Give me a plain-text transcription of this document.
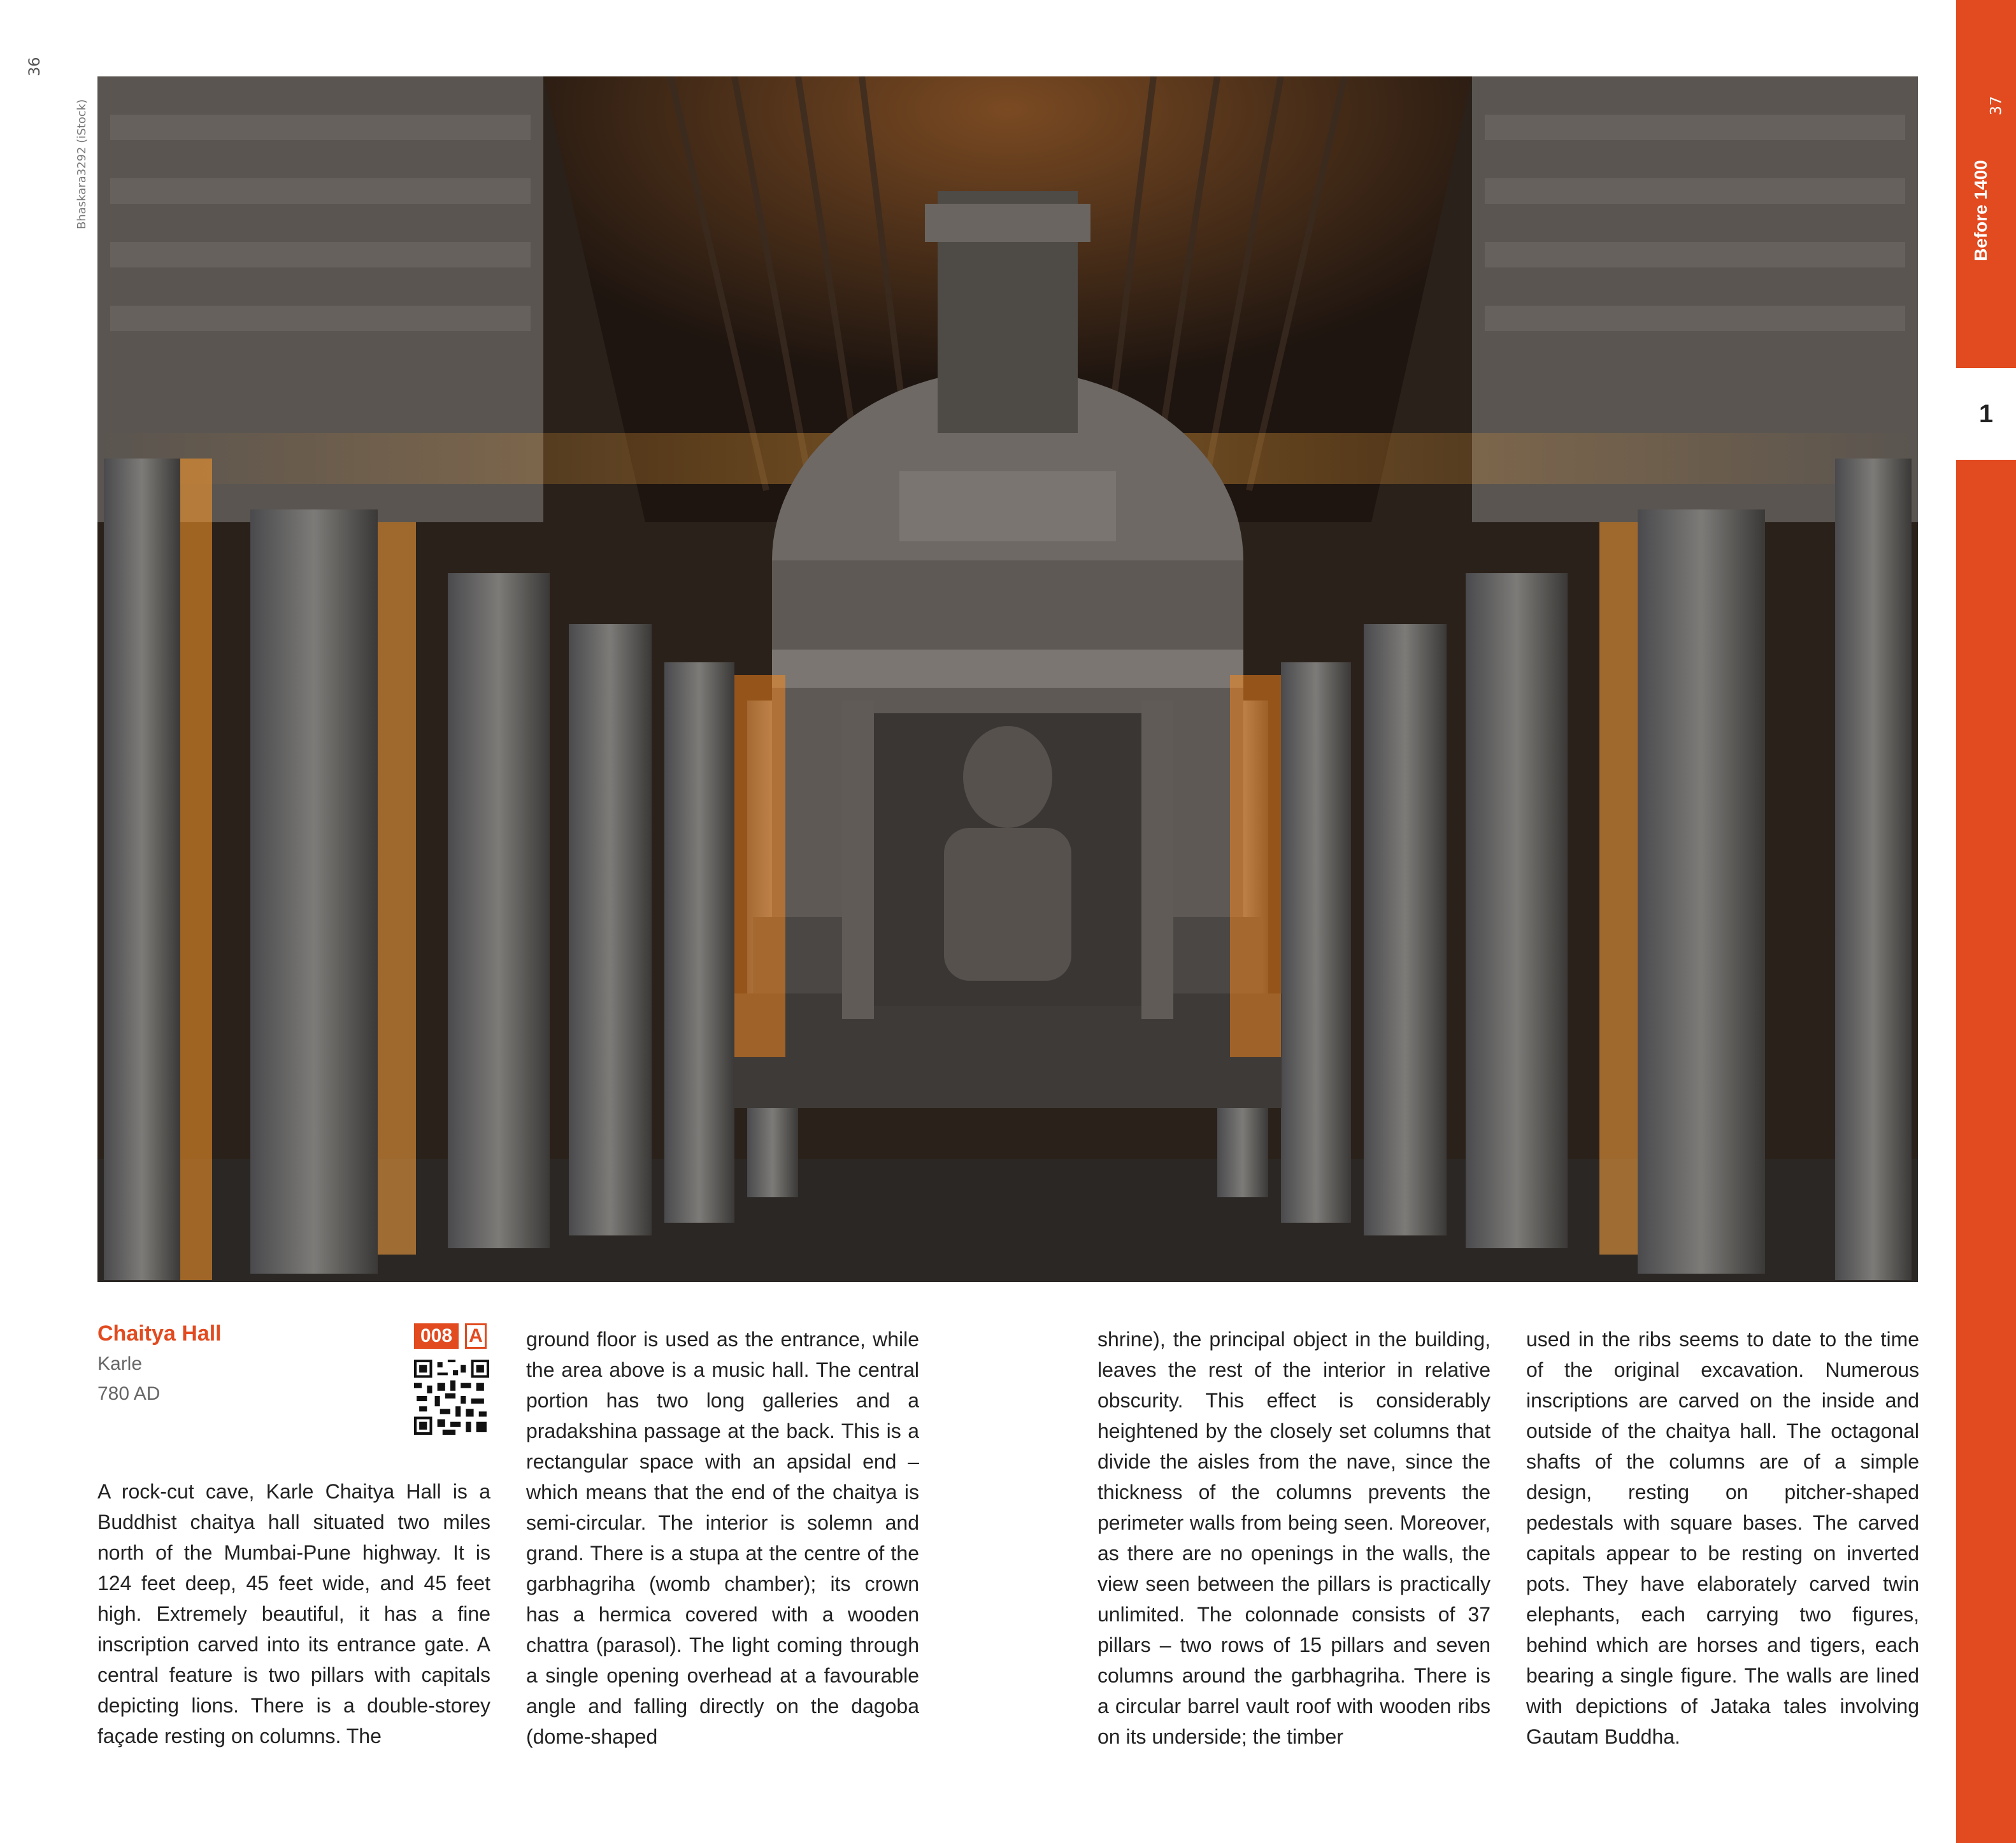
36
Bhaskara3292 (iStock)	37
Before 1400
1
Chaitya Hall
Karle
780 AD
008 A

A rock-cut cave, Karle Chaitya Hall is a Buddhist chaitya hall situated two miles north of the Mumbai-Pune highway. It is 124 feet deep, 45 feet wide, and 45 feet high. Extremely beautiful, it has a fine inscription carved into its entrance gate. A central feature is two pillars with capitals depicting lions. There is a double-storey façade resting on columns. The

ground floor is used as the entrance, while the area above is a music hall. The central portion has two long galleries and a pradakshina passage at the back. This is a rectangular space with an apsidal end – which means that the end of the chaitya is semi-circular. The interior is solemn and grand. There is a stupa at the centre of the garbhagriha (womb chamber); its crown has a hermica covered with a wooden chattra (parasol). The light coming through a single opening overhead at a favourable angle and falling directly on the dagoba (dome-shaped

shrine), the principal object in the building, leaves the rest of the interior in relative obscurity. This effect is considerably heightened by the closely set columns that divide the aisles from the nave, since the thickness of the columns prevents the perimeter walls from being seen. Moreover, as there are no openings in the walls, the view seen between the pillars is practically unlimited. The colonnade consists of 37 pillars – two rows of 15 pillars and seven columns around the garbhagriha. There is a circular barrel vault roof with wooden ribs on its underside; the timber

used in the ribs seems to date to the time of the original excavation. Numerous inscriptions are carved on the inside and outside of the chaitya hall. The octagonal shafts of the columns are of a simple design, resting on pitcher-shaped pedestals with square bases. The carved capitals appear to be resting on inverted pots. They have elaborately carved twin elephants, each carrying two figures, behind which are horses and tigers, each bearing a single figure. The walls are lined with depictions of Jataka tales involving Gautam Buddha.
